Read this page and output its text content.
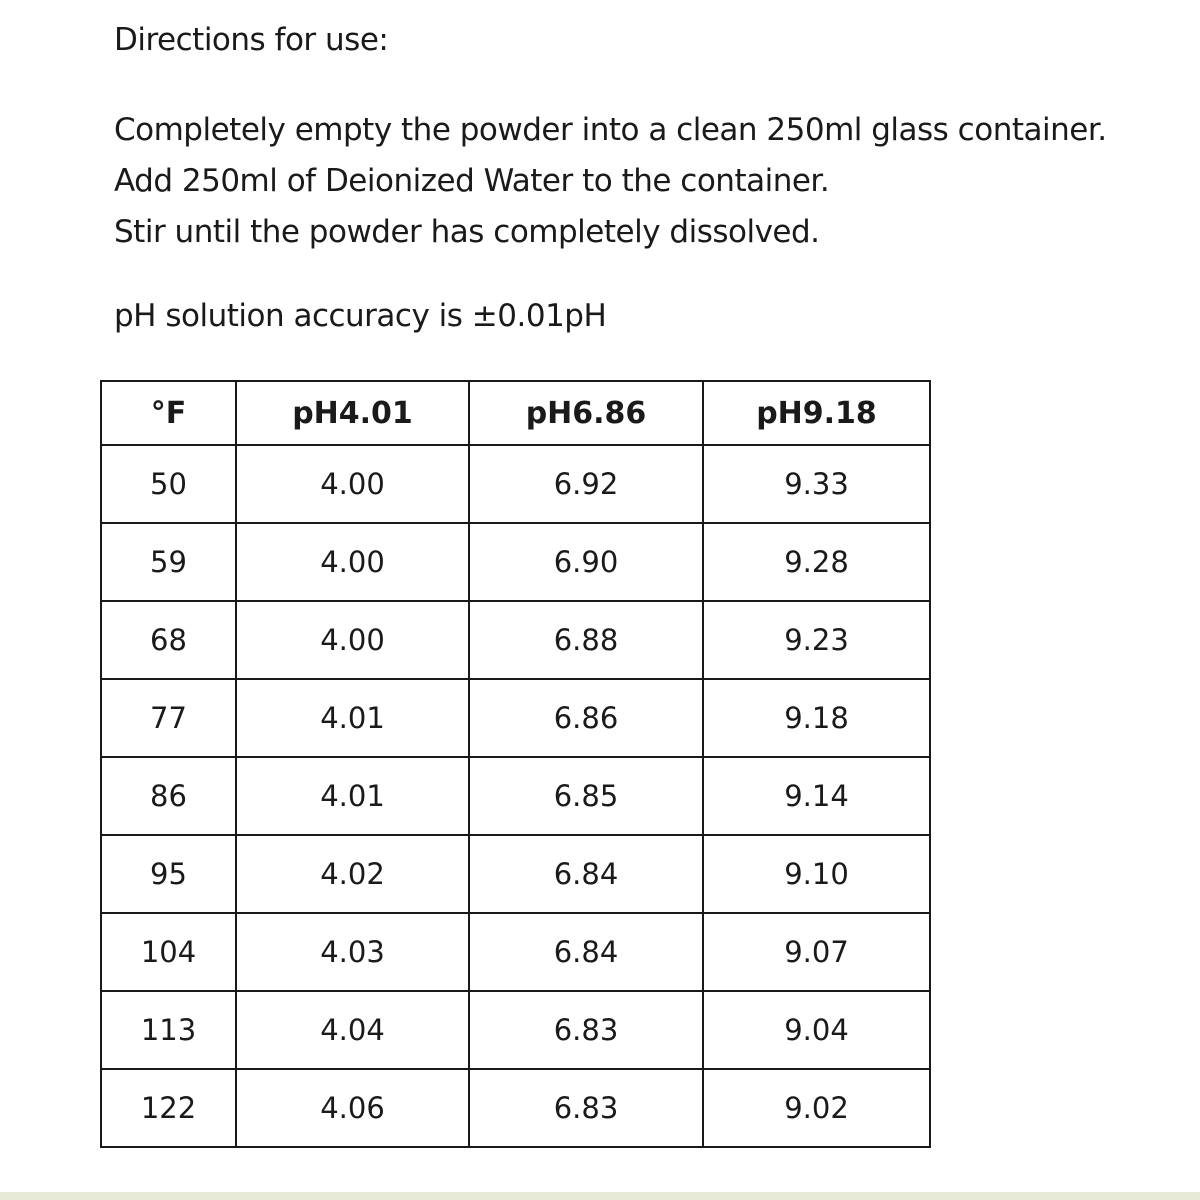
Directions for use:
Completely empty the powder into a clean 250ml glass container.
Add 250ml of Deionized Water to the container.
Stir until the powder has completely dissolved.

pH solution accuracy is ±0.01pH

°F	pH4.01	pH6.86	pH9.18
50	4.00	6.92	9.33
59	4.00	6.90	9.28
68	4.00	6.88	9.23
77	4.01	6.86	9.18
86	4.01	6.85	9.14
95	4.02	6.84	9.10
104	4.03	6.84	9.07
113	4.04	6.83	9.04
122	4.06	6.83	9.02
